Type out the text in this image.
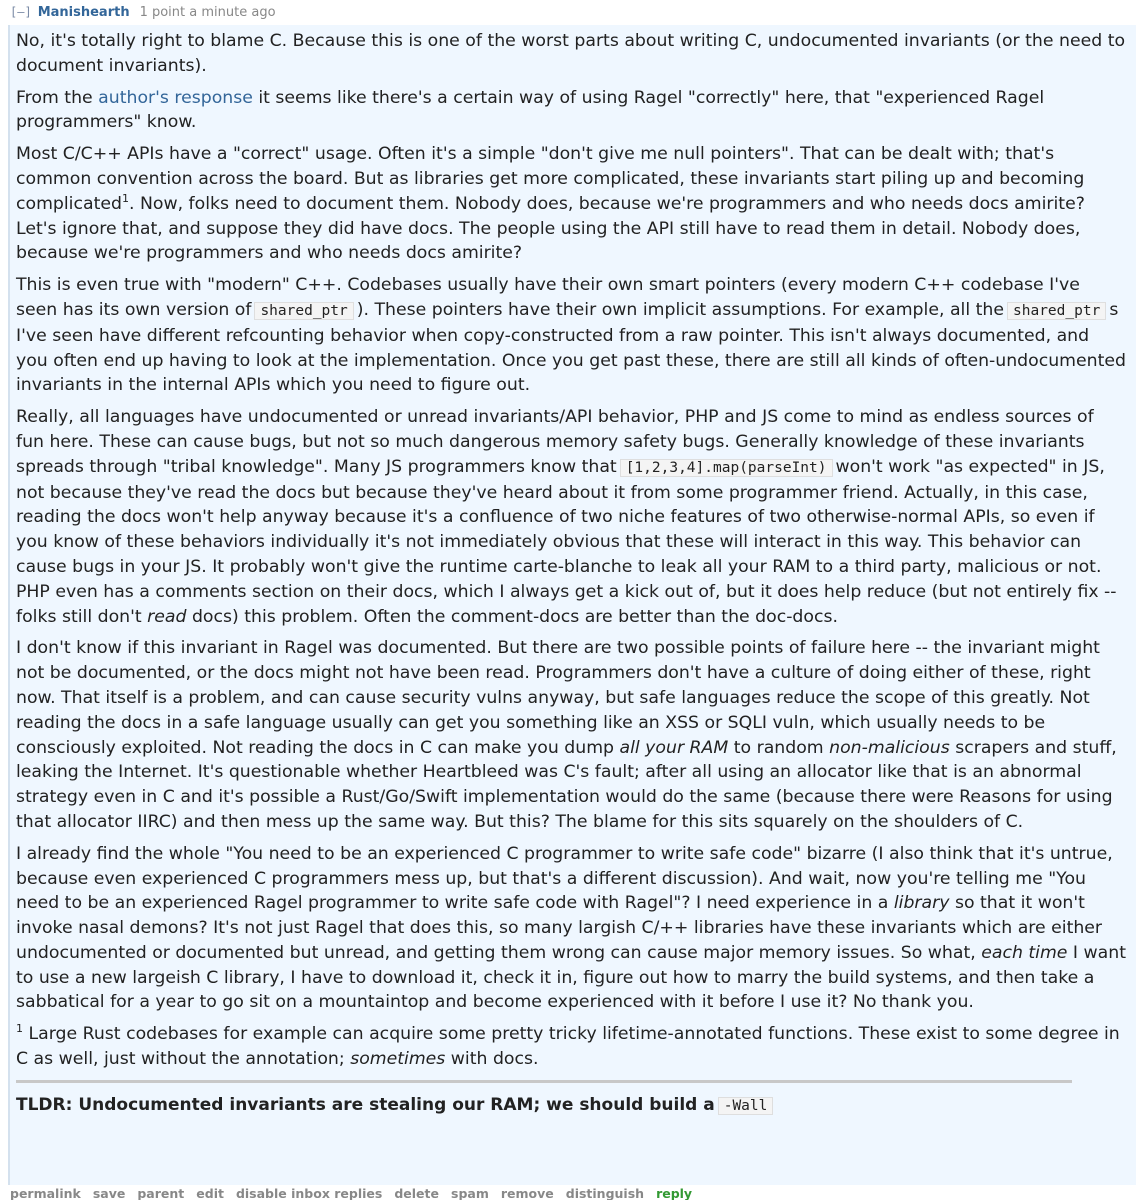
[–] Manishearth 1 point a minute ago

No, it's totally right to blame C. Because this is one of the worst parts about writing C, undocumented invariants (or the need to document invariants).

From the author's response it seems like there's a certain way of using Ragel "correctly" here, that "experienced Ragel programmers" know.

Most C/C++ APIs have a "correct" usage. Often it's a simple "don't give me null pointers". That can be dealt with; that's common convention across the board. But as libraries get more complicated, these invariants start piling up and becoming complicated$^1$. Now, folks need to document them. Nobody does, because we're programmers and who needs docs amirite? Let's ignore that, and suppose they did have docs. The people using the API still have to read them in detail. Nobody does, because we're programmers and who needs docs amirite?

This is even true with "modern" C++. Codebases usually have their own smart pointers (every modern C++ codebase I've seen has its own version of shared_ptr ). These pointers have their own implicit assumptions. For example, all the shared_ptr s I've seen have different refcounting behavior when copy-constructed from a raw pointer. This isn't always documented, and you often end up having to look at the implementation. Once you get past these, there are still all kinds of often-undocumented invariants in the internal APIs which you need to figure out.

Really, all languages have undocumented or unread invariants/API behavior, PHP and JS come to mind as endless sources of fun here. These can cause bugs, but not so much dangerous memory safety bugs. Generally knowledge of these invariants spreads through "tribal knowledge". Many JS programmers know that [1,2,3,4].map(parseInt) won't work "as expected" in JS, not because they've read the docs but because they've heard about it from some programmer friend. Actually, in this case, reading the docs won't help anyway because it's a confluence of two niche features of two otherwise-normal APIs, so even if you know of these behaviors individually it's not immediately obvious that these will interact in this way. This behavior can cause bugs in your JS. It probably won't give the runtime carte-blanche to leak all your RAM to a third party, malicious or not. PHP even has a comments section on their docs, which I always get a kick out of, but it does help reduce (but not entirely fix -- folks still don't read docs) this problem. Often the comment-docs are better than the doc-docs.

I don't know if this invariant in Ragel was documented. But there are two possible points of failure here -- the invariant might not be documented, or the docs might not have been read. Programmers don't have a culture of doing either of these, right now. That itself is a problem, and can cause security vulns anyway, but safe languages reduce the scope of this greatly. Not reading the docs in a safe language usually can get you something like an XSS or SQLI vuln, which usually needs to be consciously exploited. Not reading the docs in C can make you dump all your RAM to random non-malicious scrapers and stuff, leaking the Internet. It's questionable whether Heartbleed was C's fault; after all using an allocator like that is an abnormal strategy even in C and it's possible a Rust/Go/Swift implementation would do the same (because there were Reasons for using that allocator IIRC) and then mess up the same way. But this? The blame for this sits squarely on the shoulders of C.

I already find the whole "You need to be an experienced C programmer to write safe code" bizarre (I also think that it's untrue, because even experienced C programmers mess up, but that's a different discussion). And wait, now you're telling me "You need to be an experienced Ragel programmer to write safe code with Ragel"? I need experience in a library so that it won't invoke nasal demons? It's not just Ragel that does this, so many largish C/++ libraries have these invariants which are either undocumented or documented but unread, and getting them wrong can cause major memory issues. So what, each time I want to use a new largeish C library, I have to download it, check it in, figure out how to marry the build systems, and then take a sabbatical for a year to go sit on a mountaintop and become experienced with it before I use it? No thank you.

$^1$ Large Rust codebases for example can acquire some pretty tricky lifetime-annotated functions. These exist to some degree in C as well, just without the annotation; sometimes with docs.

TLDR: Undocumented invariants are stealing our RAM; we should build a -Wall

permalink save parent edit disable inbox replies delete spam remove distinguish reply
